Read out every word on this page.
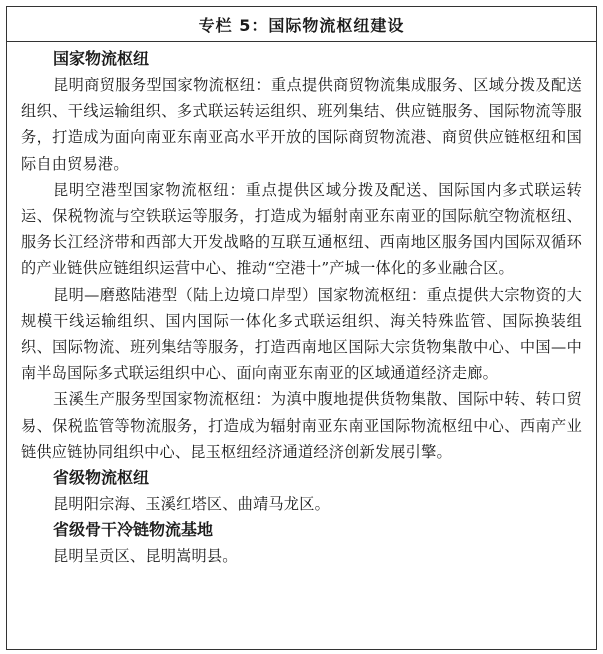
专栏 5：国际物流枢纽建设
国家物流枢纽

昆明商贸服务型国家物流枢纽：重点提供商贸物流集成服务、区域分拨及配送组织、干线运输组织、多式联运转运组织、班列集结、供应链服务、国际物流等服务，打造成为面向南亚东南亚高水平开放的国际商贸物流港、商贸供应链枢纽和国际自由贸易港。

昆明空港型国家物流枢纽：重点提供区域分拨及配送、国际国内多式联运转运、保税物流与空铁联运等服务，打造成为辐射南亚东南亚的国际航空物流枢纽、服务长江经济带和西部大开发战略的互联互通枢纽、西南地区服务国内国际双循环的产业链供应链组织运营中心、推动“空港十”产城一体化的多业融合区。

昆明—磨憨陆港型（陆上边境口岸型）国家物流枢纽：重点提供大宗物资的大规模干线运输组织、国内国际一体化多式联运组织、海关特殊监管、国际换装组织、国际物流、班列集结等服务，打造西南地区国际大宗货物集散中心、中国—中南半岛国际多式联运组织中心、面向南亚东南亚的区域通道经济走廊。

玉溪生产服务型国家物流枢纽：为滇中腹地提供货物集散、国际中转、转口贸易、保税监管等物流服务，打造成为辐射南亚东南亚国际物流枢纽中心、西南产业链供应链协同组织中心、昆玉枢纽经济通道经济创新发展引擎。

省级物流枢纽

昆明阳宗海、玉溪红塔区、曲靖马龙区。

省级骨干冷链物流基地

昆明呈贡区、昆明嵩明县。
